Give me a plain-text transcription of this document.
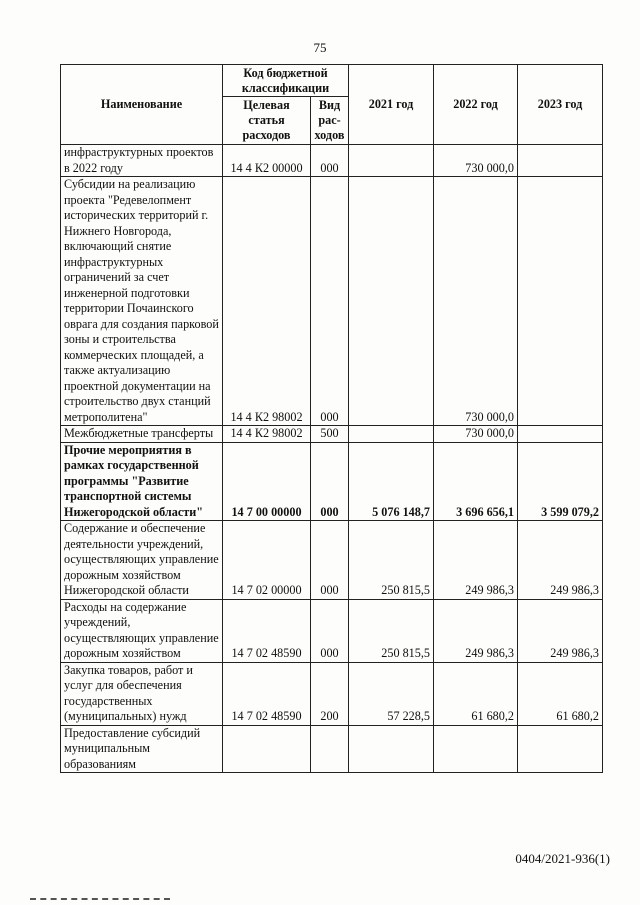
75
Наименование	Код бюджетной классификации		2021 год	2022 год	2023 год
	Целевая статья расходов	Вид рас-ходов			
инфраструктурных проектов в 2022 году	14 4 К2 00000	000		730 000,0	
Субсидии на реализацию проекта "Редевелопмент исторических территорий г. Нижнего Новгорода, включающий снятие инфраструктурных ограничений за счет инженерной подготовки территории Почаинского оврага для создания парковой зоны и строительства коммерческих площадей, а также актуализацию проектной документации на строительство двух станций метрополитена"	14 4 К2 98002	000		730 000,0	
Межбюджетные трансферты	14 4 К2 98002	500		730 000,0	
Прочие мероприятия в рамках государственной программы "Развитие транспортной системы Нижегородской области"	14 7 00 00000	000	5 076 148,7	3 696 656,1	3 599 079,2
Содержание и обеспечение деятельности учреждений, осуществляющих управление дорожным хозяйством Нижегородской области	14 7 02 00000	000	250 815,5	249 986,3	249 986,3
Расходы на содержание учреждений, осуществляющих управление дорожным хозяйством	14 7 02 48590	000	250 815,5	249 986,3	249 986,3
Закупка товаров, работ и услуг для обеспечения государственных (муниципальных) нужд	14 7 02 48590	200	57 228,5	61 680,2	61 680,2
Предоставление субсидий муниципальным образованиям					
0404/2021-936(1)
